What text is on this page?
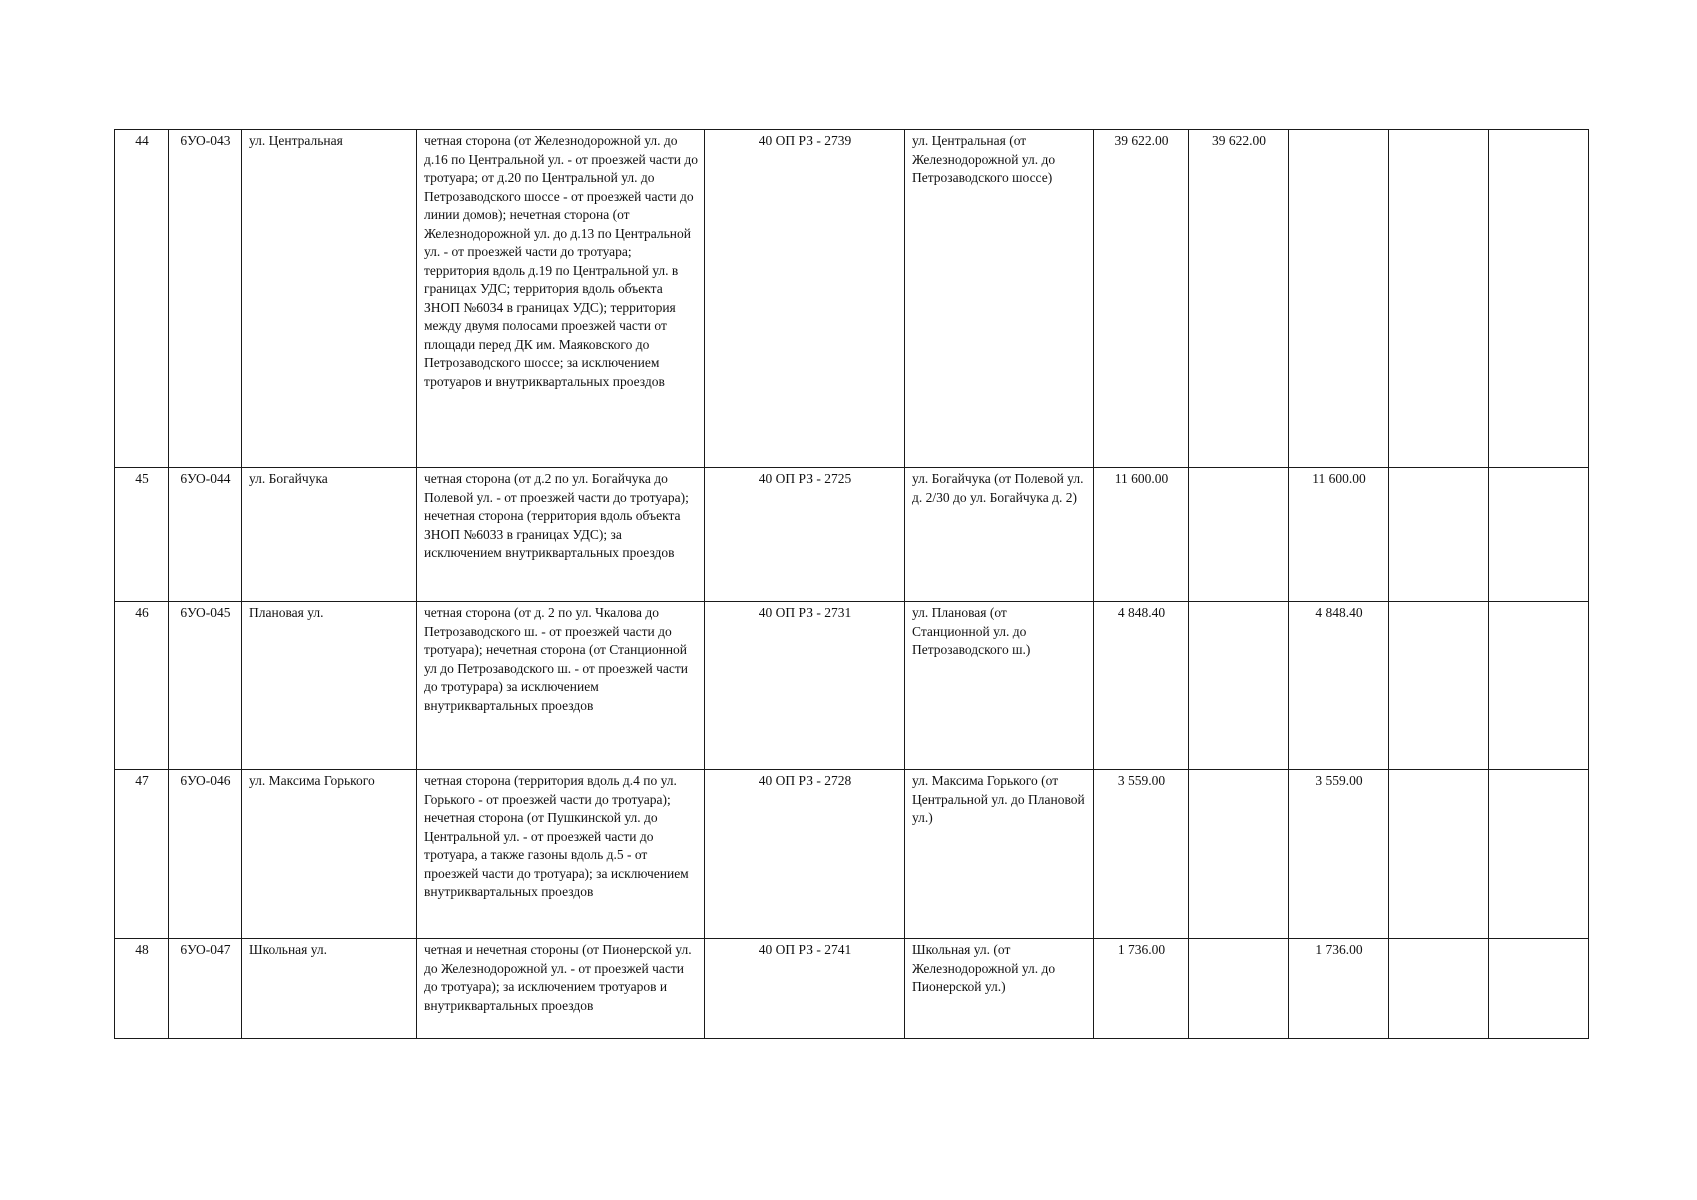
44	6УО-043	ул. Центральная	четная сторона (от Железнодорожной ул. до д.16 по Центральной ул. - от проезжей части до тротуара; от д.20 по Центральной ул. до Петрозаводского шоссе - от проезжей части до линии домов); нечетная сторона (от Железнодорожной ул. до д.13 по Центральной ул. - от проезжей части до тротуара; территория вдоль д.19 по Центральной ул. в границах УДС; территория вдоль объекта ЗНОП №6034 в границах УДС); территория между двумя полосами проезжей части от площади перед ДК им. Маяковского до Петрозаводского шоссе; за исключением тротуаров и внутриквартальных проездов	40 ОП РЗ - 2739	ул. Центральная (от Железнодорожной ул. до Петрозаводского шоссе)	39 622.00	39 622.00			
45	6УО-044	ул. Богайчука	четная сторона (от д.2 по ул. Богайчука до Полевой ул. - от проезжей части до тротуара); нечетная сторона (территория вдоль объекта ЗНОП №6033 в границах УДС); за исключением внутриквартальных проездов	40 ОП РЗ - 2725	ул. Богайчука (от Полевой ул. д. 2/30 до ул. Богайчука д. 2)	11 600.00		11 600.00		
46	6УО-045	Плановая ул.	четная сторона (от д. 2 по ул. Чкалова до Петрозаводского ш. - от проезжей части до тротуара); нечетная сторона (от Станционной ул до Петрозаводского ш. - от проезжей части до тротурара) за исключением внутриквартальных проездов	40 ОП РЗ - 2731	ул. Плановая (от Станционной ул. до Петрозаводского ш.)	4 848.40		4 848.40		
47	6УО-046	ул. Максима Горького	четная сторона (территория вдоль д.4 по ул. Горького - от проезжей части до тротуара); нечетная сторона (от Пушкинской ул. до Центральной ул. - от проезжей части до тротуара, а также газоны вдоль д.5 - от проезжей части до тротуара); за исключением внутриквартальных проездов	40 ОП РЗ - 2728	ул. Максима Горького (от Центральной ул. до Плановой ул.)	3 559.00		3 559.00		
48	6УО-047	Школьная ул.	четная и нечетная стороны (от Пионерской ул. до Железнодорожной ул. - от проезжей части до тротуара); за исключением тротуаров и внутриквартальных проездов	40 ОП РЗ - 2741	Школьная ул. (от Железнодорожной ул. до Пионерской ул.)	1 736.00		1 736.00		
